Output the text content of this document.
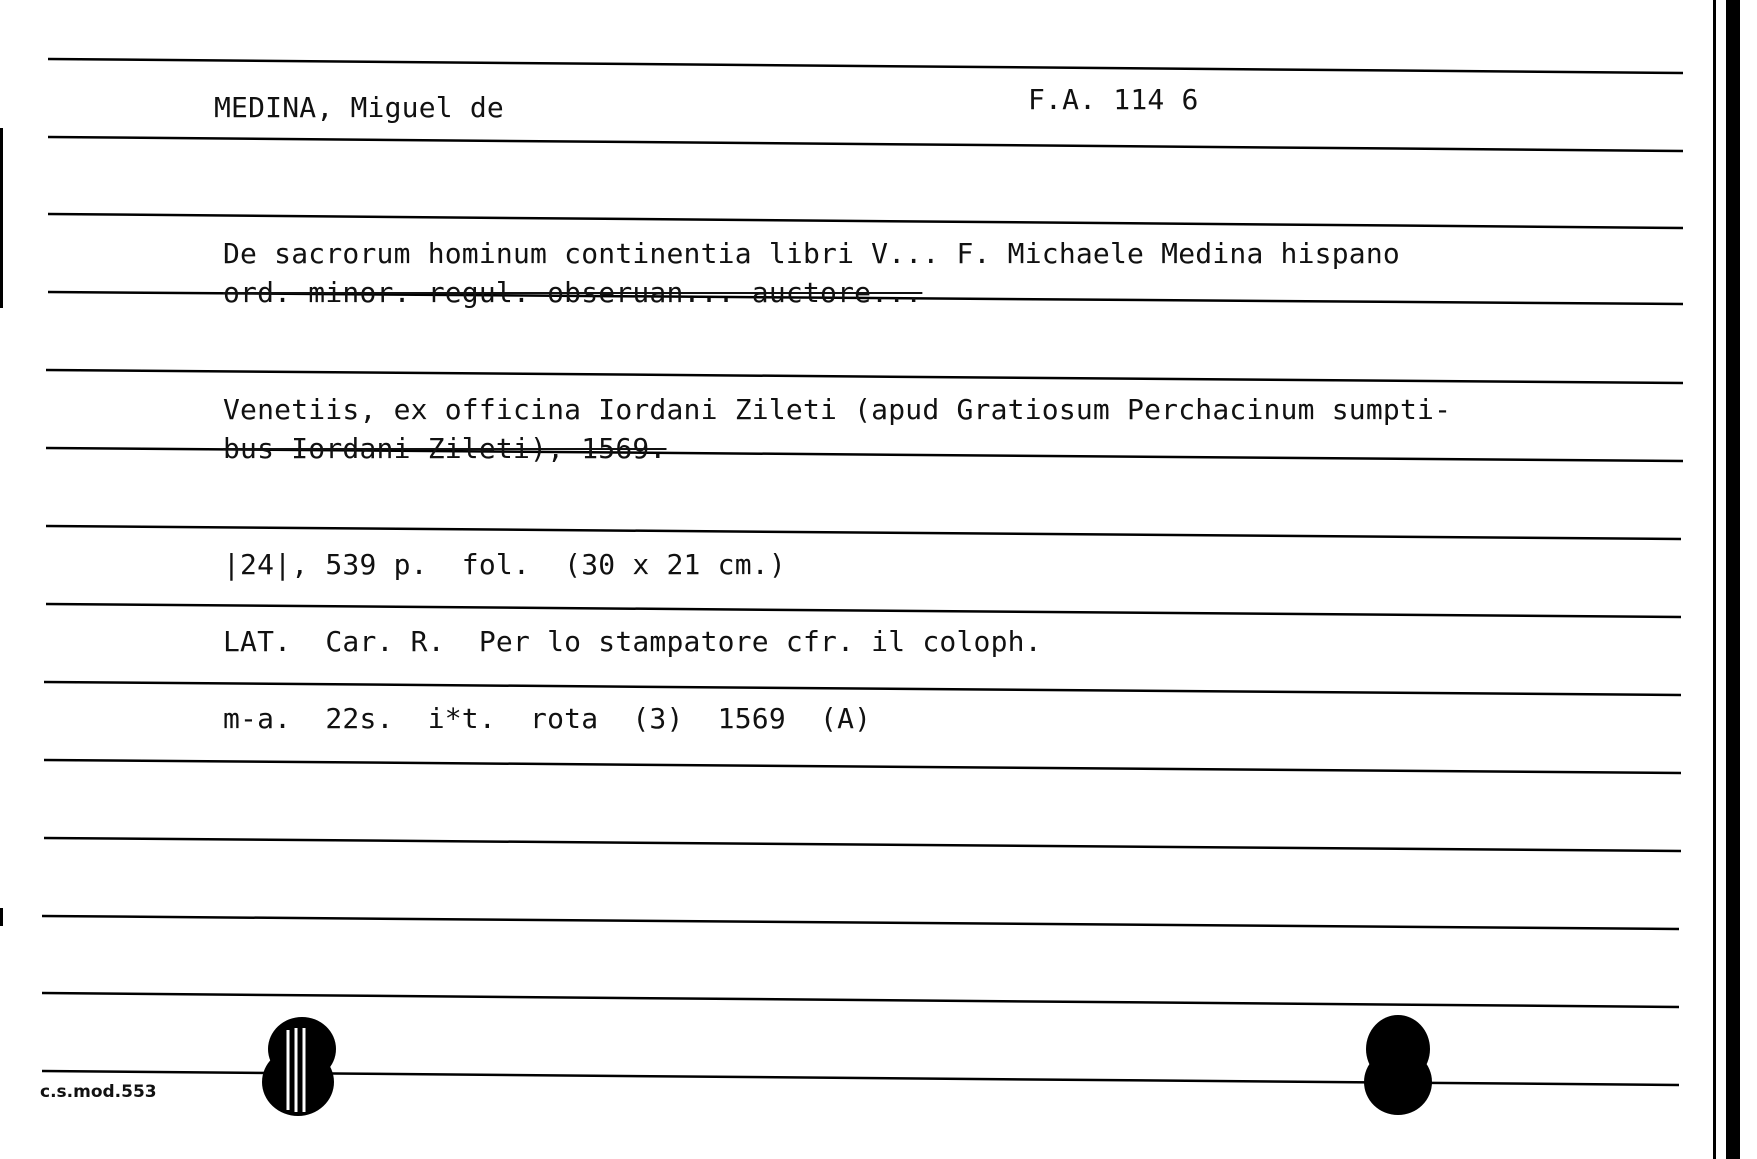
MEDINA, Miguel de	F.A. 114 6
De sacrorum hominum continentia libri V... F. Michaele Medina hispano
ord. minor. regul. obseruan... auctore...
Venetiis, ex officina Iordani Zileti (apud Gratiosum Perchacinum sumpti-
bus Iordani Zileti), 1569.
|24|, 539 p.  fol.  (30 x 21 cm.)
LAT.  Car. R.  Per lo stampatore cfr. il coloph.
m-a.  22s.  i*t.  rota  (3)  1569  (A)
c.s.mod.553
